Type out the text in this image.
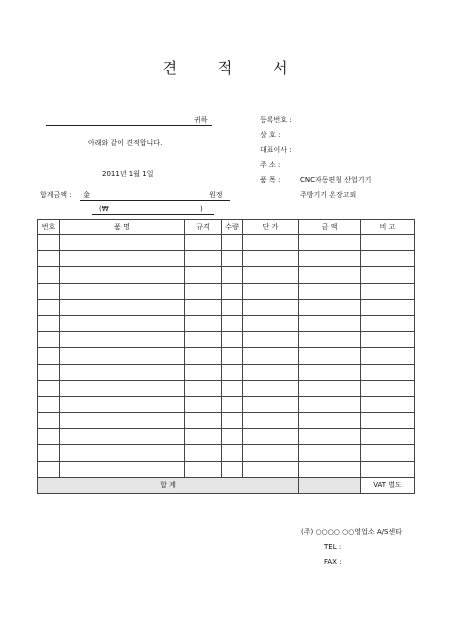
견 적 서
귀하
아래와 같이 견적합니다.
2011년 1월 1일
등록번호 :
상 호 :
대표이사 :
주 소 :
품 목 :	CNC자동편칭 산업기기
주방기기 온장고외
합계금액 : 金	원정
(₩	)
번호	품 명	규격	수량	단 가	금 액	비 고

합 계						VAT 별도
(주) ○○○○ ○○영업소 A/S센타
TEL :
FAX :
